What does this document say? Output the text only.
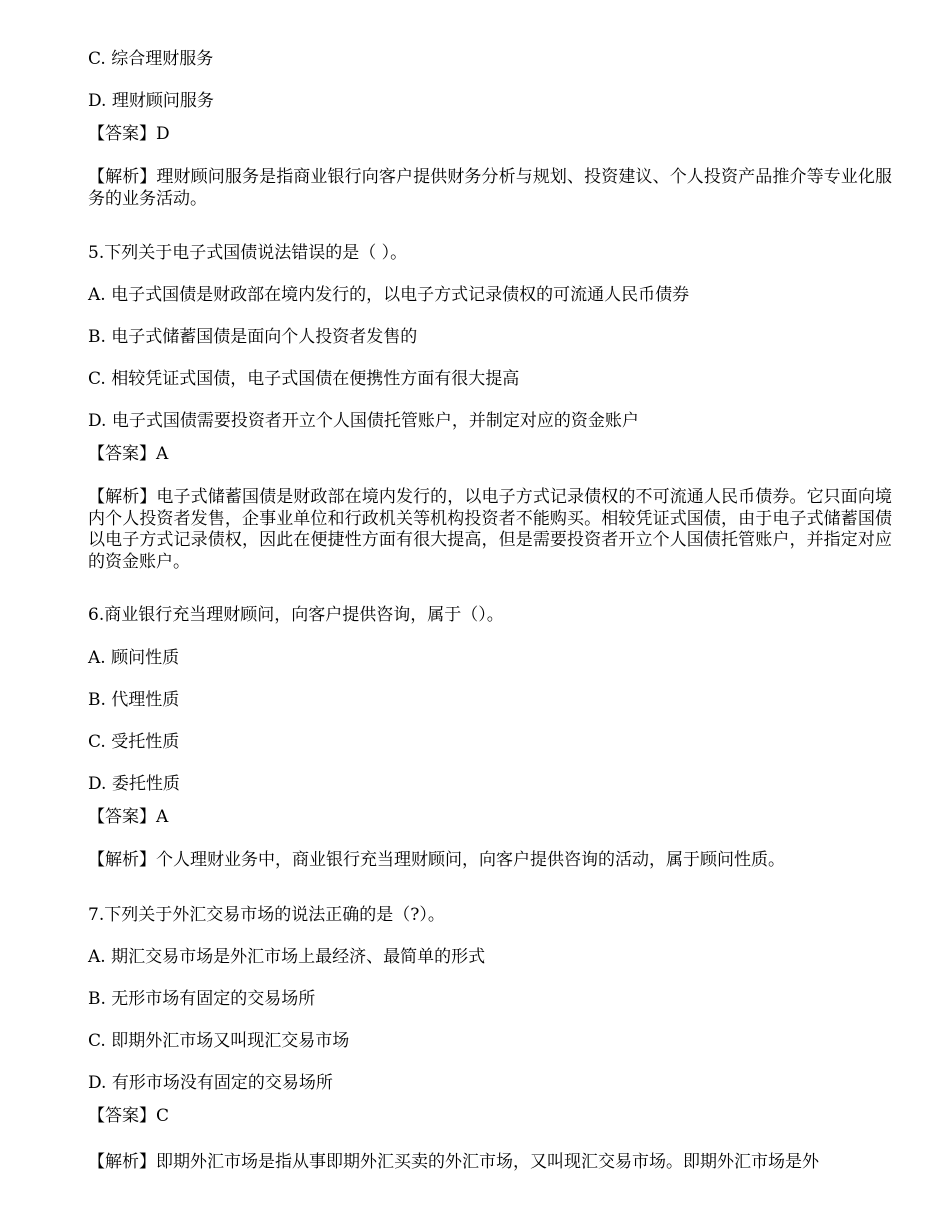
C. 综合理财服务
D. 理财顾问服务
【答案】D
【解析】理财顾问服务是指商业银行向客户提供财务分析与规划、投资建议、个人投资产品推介等专业化服务的业务活动。
5.下列关于电子式国债说法错误的是（ ）。
A. 电子式国债是财政部在境内发行的，以电子方式记录债权的可流通人民币债券
B. 电子式储蓄国债是面向个人投资者发售的
C. 相较凭证式国债，电子式国债在便携性方面有很大提高
D. 电子式国债需要投资者开立个人国债托管账户，并制定对应的资金账户
【答案】A
【解析】电子式储蓄国债是财政部在境内发行的，以电子方式记录债权的不可流通人民币债券。它只面向境内个人投资者发售，企事业单位和行政机关等机构投资者不能购买。相较凭证式国债，由于电子式储蓄国债以电子方式记录债权，因此在便捷性方面有很大提高，但是需要投资者开立个人国债托管账户，并指定对应的资金账户。
6.商业银行充当理财顾问，向客户提供咨询，属于（）。
A. 顾问性质
B. 代理性质
C. 受托性质
D. 委托性质
【答案】A
【解析】个人理财业务中，商业银行充当理财顾问，向客户提供咨询的活动，属于顾问性质。
7.下列关于外汇交易市场的说法正确的是（?）。
A. 期汇交易市场是外汇市场上最经济、最简单的形式
B. 无形市场有固定的交易场所
C. 即期外汇市场又叫现汇交易市场
D. 有形市场没有固定的交易场所
【答案】C
【解析】即期外汇市场是指从事即期外汇买卖的外汇市场，又叫现汇交易市场。即期外汇市场是外
